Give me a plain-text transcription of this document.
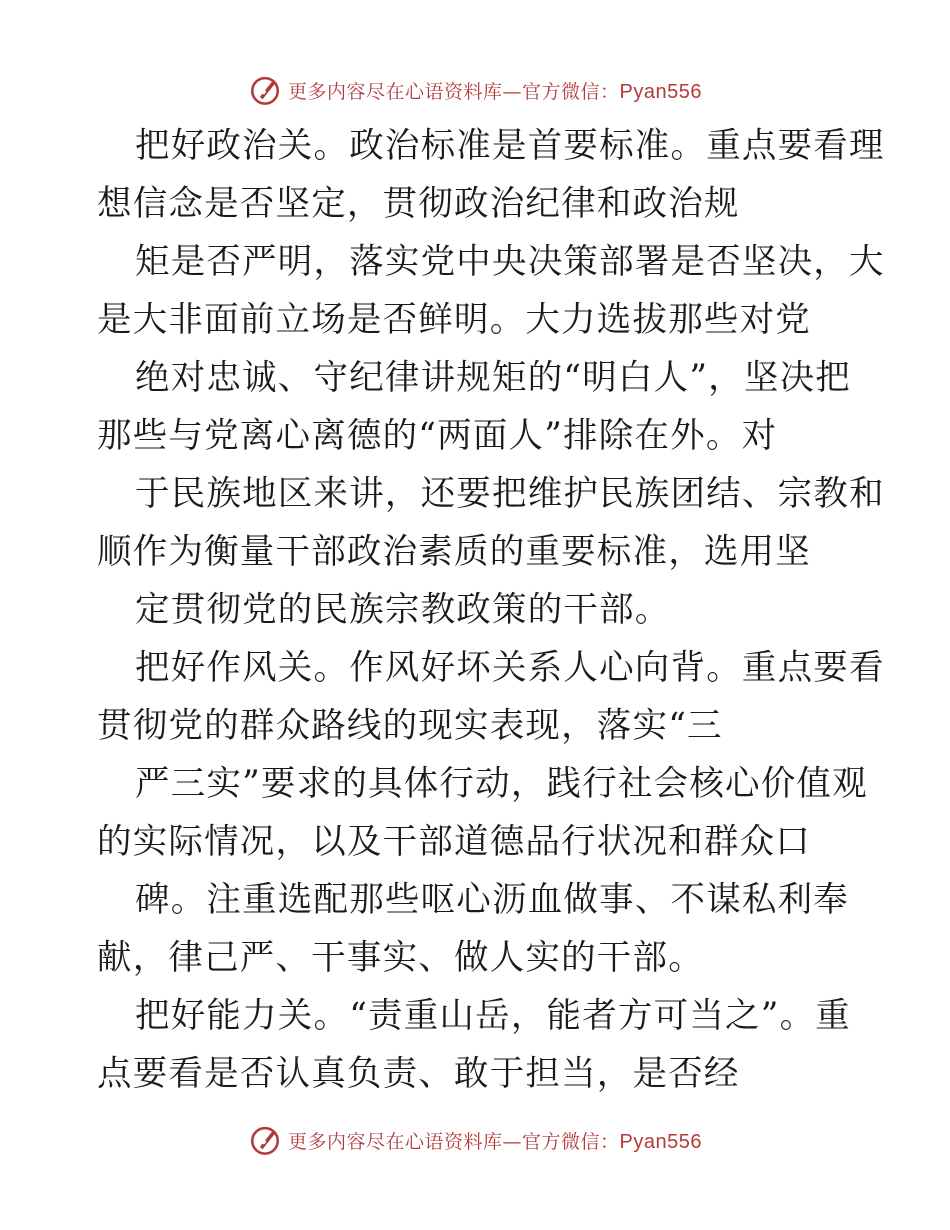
更多内容尽在心语资料库—官方微信：Pyan556
把好政治关。政治标准是首要标准。重点要看理
想信念是否坚定，贯彻政治纪律和政治规
矩是否严明，落实党中央决策部署是否坚决，大
是大非面前立场是否鲜明。大力选拔那些对党
绝对忠诚、守纪律讲规矩的“明白人”，坚决把
那些与党离心离德的“两面人”排除在外。对
于民族地区来讲，还要把维护民族团结、宗教和
顺作为衡量干部政治素质的重要标准，选用坚
定贯彻党的民族宗教政策的干部。
把好作风关。作风好坏关系人心向背。重点要看
贯彻党的群众路线的现实表现，落实“三
严三实”要求的具体行动，践行社会核心价值观
的实际情况，以及干部道德品行状况和群众口
碑。注重选配那些呕心沥血做事、不谋私利奉
献，律己严、干事实、做人实的干部。
把好能力关。“责重山岳，能者方可当之”。重
点要看是否认真负责、敢于担当，是否经
更多内容尽在心语资料库—官方微信：Pyan556
